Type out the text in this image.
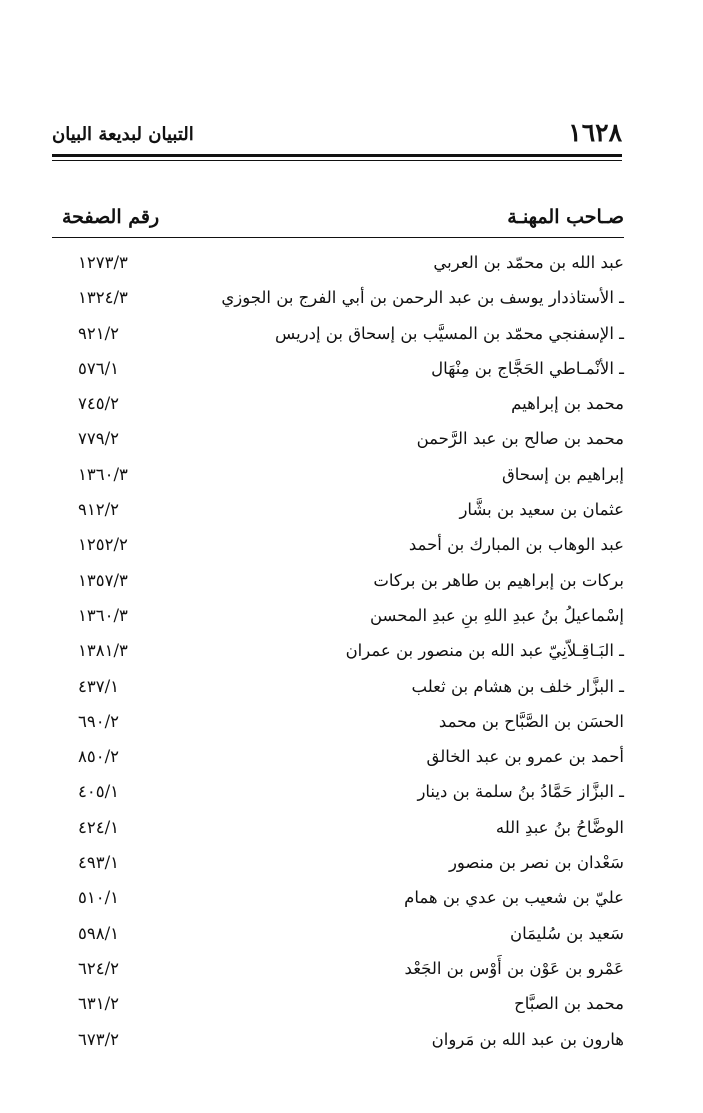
١٦٢٨
التبيان لبديعة البيان
صـاحب المهنـة
رقم الصفحة
عبد الله بن محمّد بن العربي
١٢٧٣/٣
ـ الأستاذدار يوسف بن عبد الرحمن بن أبي الفرج بن الجوزي
١٣٢٤/٣
ـ الإسفنجي محمّد بن المسيَّب بن إسحاق بن إدريس
٩٢١/٢
ـ الأنْمـاطي الحَجَّاج بن مِنْهَال
٥٧٦/١
محمد بن إبراهيم
٧٤٥/٢
محمد بن صالح بن عبد الرَّحمن
٧٧٩/٢
إبراهيم بن إسحاق
١٣٦٠/٣
عثمان بن سعيد بن بشَّار
٩١٢/٢
عبد الوهاب بن المبارك بن أحمد
١٢٥٢/٢
بركات بن إبراهيم بن طاهر بن بركات
١٣٥٧/٣
إسْماعيلُ بنُ عبدِ اللهِ بنِ عبدِ المحسن
١٣٦٠/٣
ـ البَـاقِـلاّنِيّ عبد الله بن منصور بن عمران
١٣٨١/٣
ـ البزَّار خلف بن هشام بن ثعلب
٤٣٧/١
الحسَن بن الصَّبَّاح بن محمد
٦٩٠/٢
أحمد بن عمرو بن عبد الخالق
٨٥٠/٢
ـ البزَّاز حَمَّادُ بنُ سلمة بن دينار
٤٠٥/١
الوضَّاحُ بنُ عبدِ الله
٤٢٤/١
سَعْدان بن نصر بن منصور
٤٩٣/١
عليّ بن شعيب بن عدي بن همام
٥١٠/١
سَعيد بن سُليمَان
٥٩٨/١
عَمْرو بن عَوْن بن أَوْس بن الجَعْد
٦٢٤/٢
محمد بن الصبَّاح
٦٣١/٢
هارون بن عبد الله بن مَروان
٦٧٣/٢
